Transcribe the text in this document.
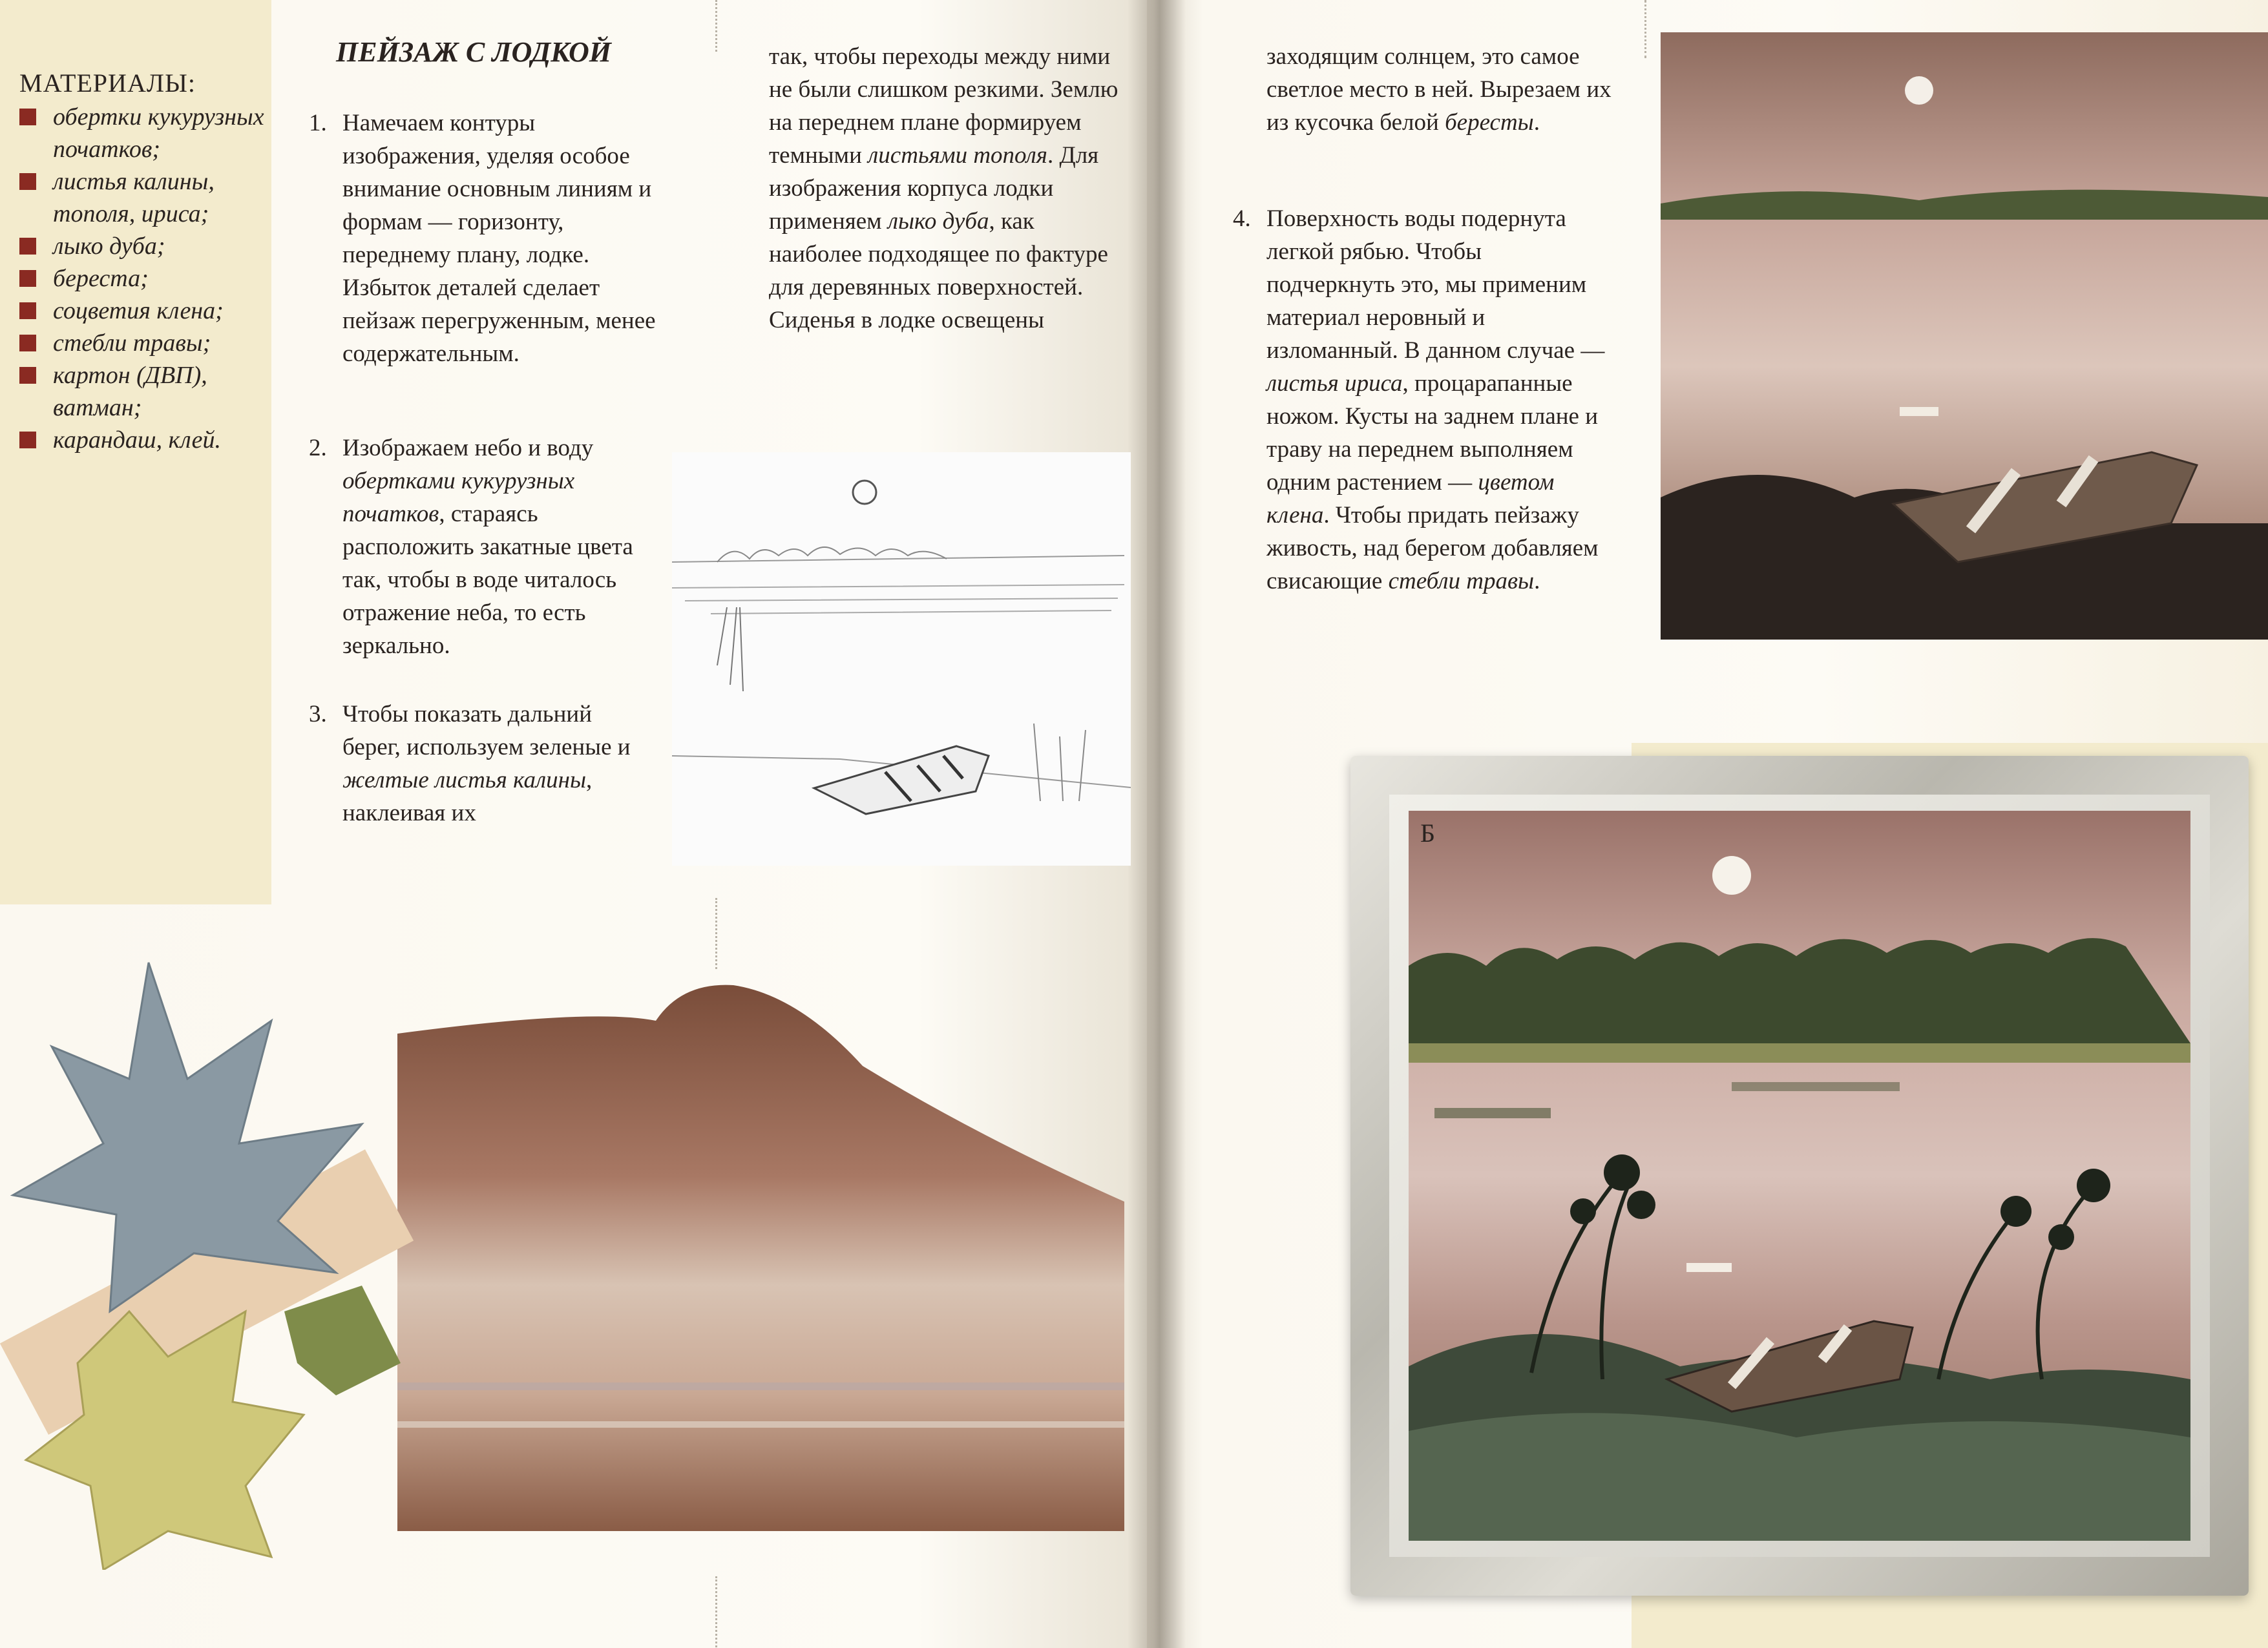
МАТЕРИАЛЫ:
обертки кукурузных початков;
листья калины, тополя, ириса;
лыко дуба;
береста;
соцветия клена;
стебли травы;
картон (ДВП), ватман;
карандаш, клей.
ПЕЙЗАЖ С ЛОДКОЙ

1. Намечаем контуры изображения, уделяя особое внимание основным линиям и формам — горизонту, переднему плану, лодке. Избыток деталей сделает пейзаж перегруженным, менее содержательным.

2. Изображаем небо и воду обертками кукурузных початков, стараясь расположить закатные цвета так, чтобы в воде читалось отражение неба, то есть зеркально.

3. Чтобы показать дальний берег, используем зеленые и желтые листья калины, наклеивая их

так, чтобы переходы между ними не были слишком резкими. Землю на переднем плане формируем темными листьями тополя. Для изображения корпуса лодки применяем лыко дуба, как наиболее подходящее по фактуре для деревянных поверхностей. Сиденья в лодке освещены

заходящим солнцем, это самое светлое место в ней. Вырезаем их из кусочка белой бересты.

4. Поверхность воды подернута легкой рябью. Чтобы подчеркнуть это, мы применим материал неровный и изломанный. В данном случае — листья ириса, процарапанные ножом. Кусты на заднем плане и траву на переднем выполняем одним растением — цветом клена. Чтобы придать пейзажу живость, над берегом добавляем свисающие стебли травы.

Б
